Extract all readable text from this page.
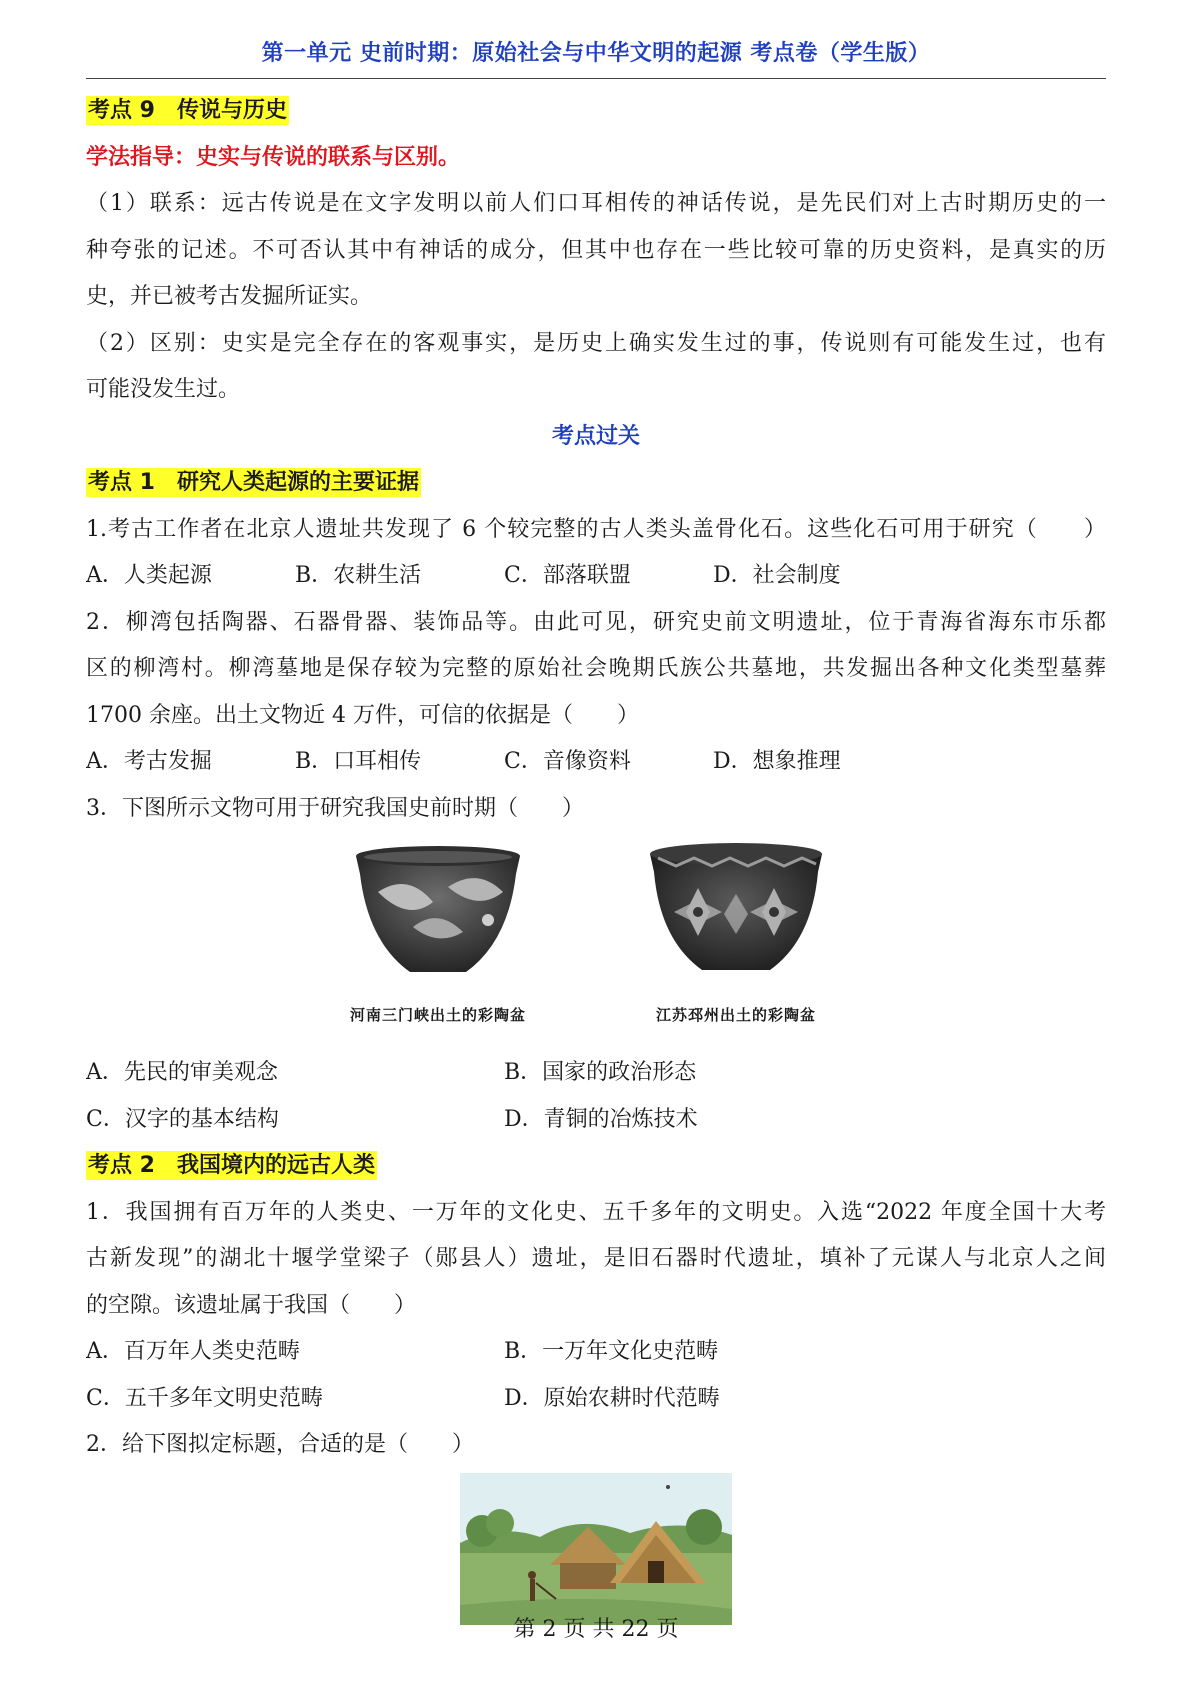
第一单元 史前时期：原始社会与中华文明的起源 考点卷（学生版）
考点 9　传说与历史
学法指导：史实与传说的联系与区别。
（1）联系：远古传说是在文字发明以前人们口耳相传的神话传说，是先民们对上古时期历史的一
种夸张的记述。不可否认其中有神话的成分，但其中也存在一些比较可靠的历史资料，是真实的历
史，并已被考古发掘所证实。
（2）区别：史实是完全存在的客观事实，是历史上确实发生过的事，传说则有可能发生过，也有
可能没发生过。
考点过关
考点 1　研究人类起源的主要证据
1.考古工作者在北京人遗址共发现了 6 个较完整的古人类头盖骨化石。这些化石可用于研究（　　）
A．人类起源	B．农耕生活	C．部落联盟	D．社会制度
2．柳湾包括陶器、石器骨器、装饰品等。由此可见，研究史前文明遗址，位于青海省海东市乐都
区的柳湾村。柳湾墓地是保存较为完整的原始社会晚期氏族公共墓地，共发掘出各种文化类型墓葬
1700 余座。出土文物近 4 万件，可信的依据是（　　）
A．考古发掘	B．口耳相传	C．音像资料	D．想象推理
3．下图所示文物可用于研究我国史前时期（　　）
河南三门峡出土的彩陶盆	江苏邳州出土的彩陶盆
A．先民的审美观念	B．国家的政治形态
C．汉字的基本结构	D．青铜的冶炼技术
考点 2　我国境内的远古人类
1．我国拥有百万年的人类史、一万年的文化史、五千多年的文明史。入选“2022 年度全国十大考
古新发现”的湖北十堰学堂梁子（郧县人）遗址，是旧石器时代遗址，填补了元谋人与北京人之间
的空隙。该遗址属于我国（　　）
A．百万年人类史范畴	B．一万年文化史范畴
C．五千多年文明史范畴	D．原始农耕时代范畴
2．给下图拟定标题，合适的是（　　）
第 2 页 共 22 页
